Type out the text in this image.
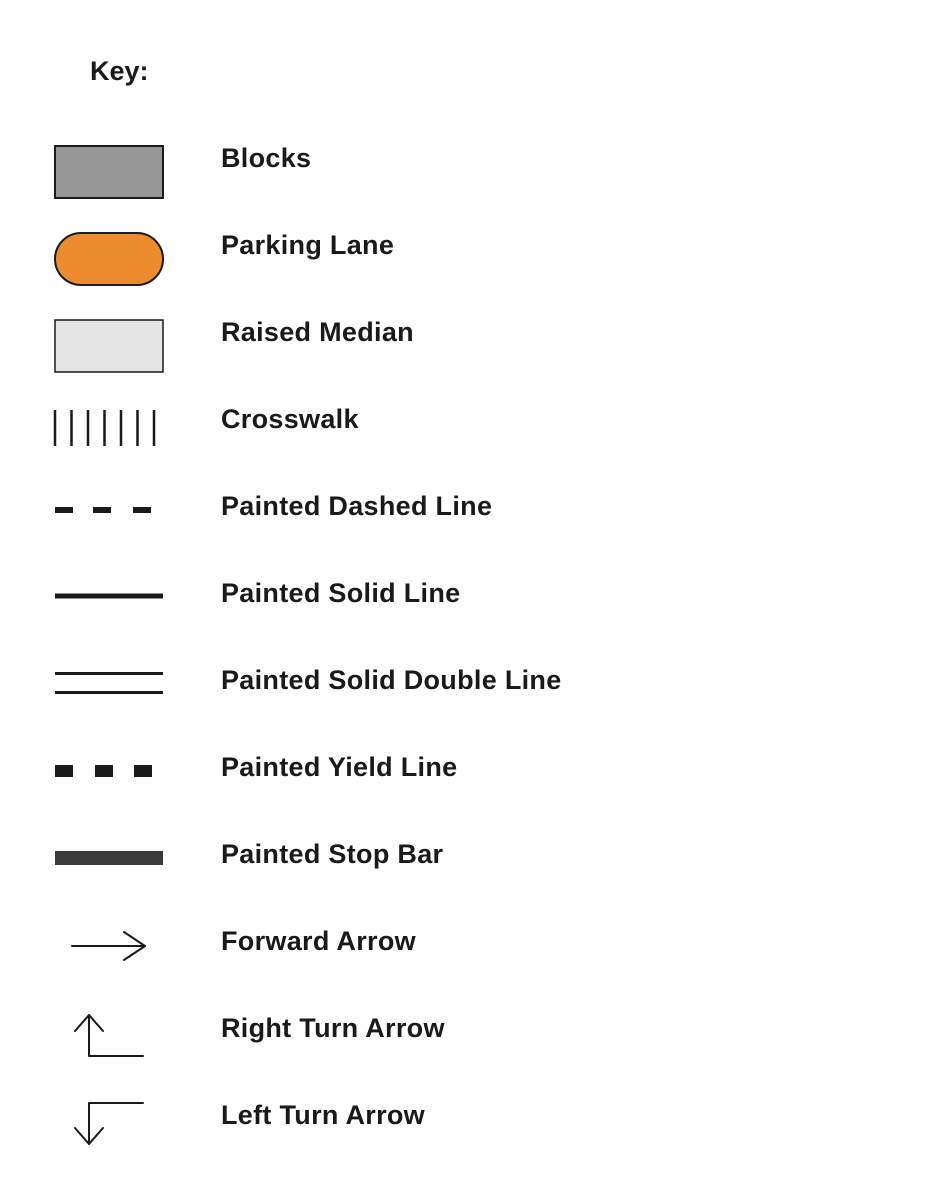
Key:
Blocks
Parking Lane
Raised Median
Crosswalk
Painted Dashed Line
Painted Solid Line
Painted Solid Double Line
Painted Yield Line
Painted Stop Bar
Forward Arrow
Right Turn Arrow
Left Turn Arrow
